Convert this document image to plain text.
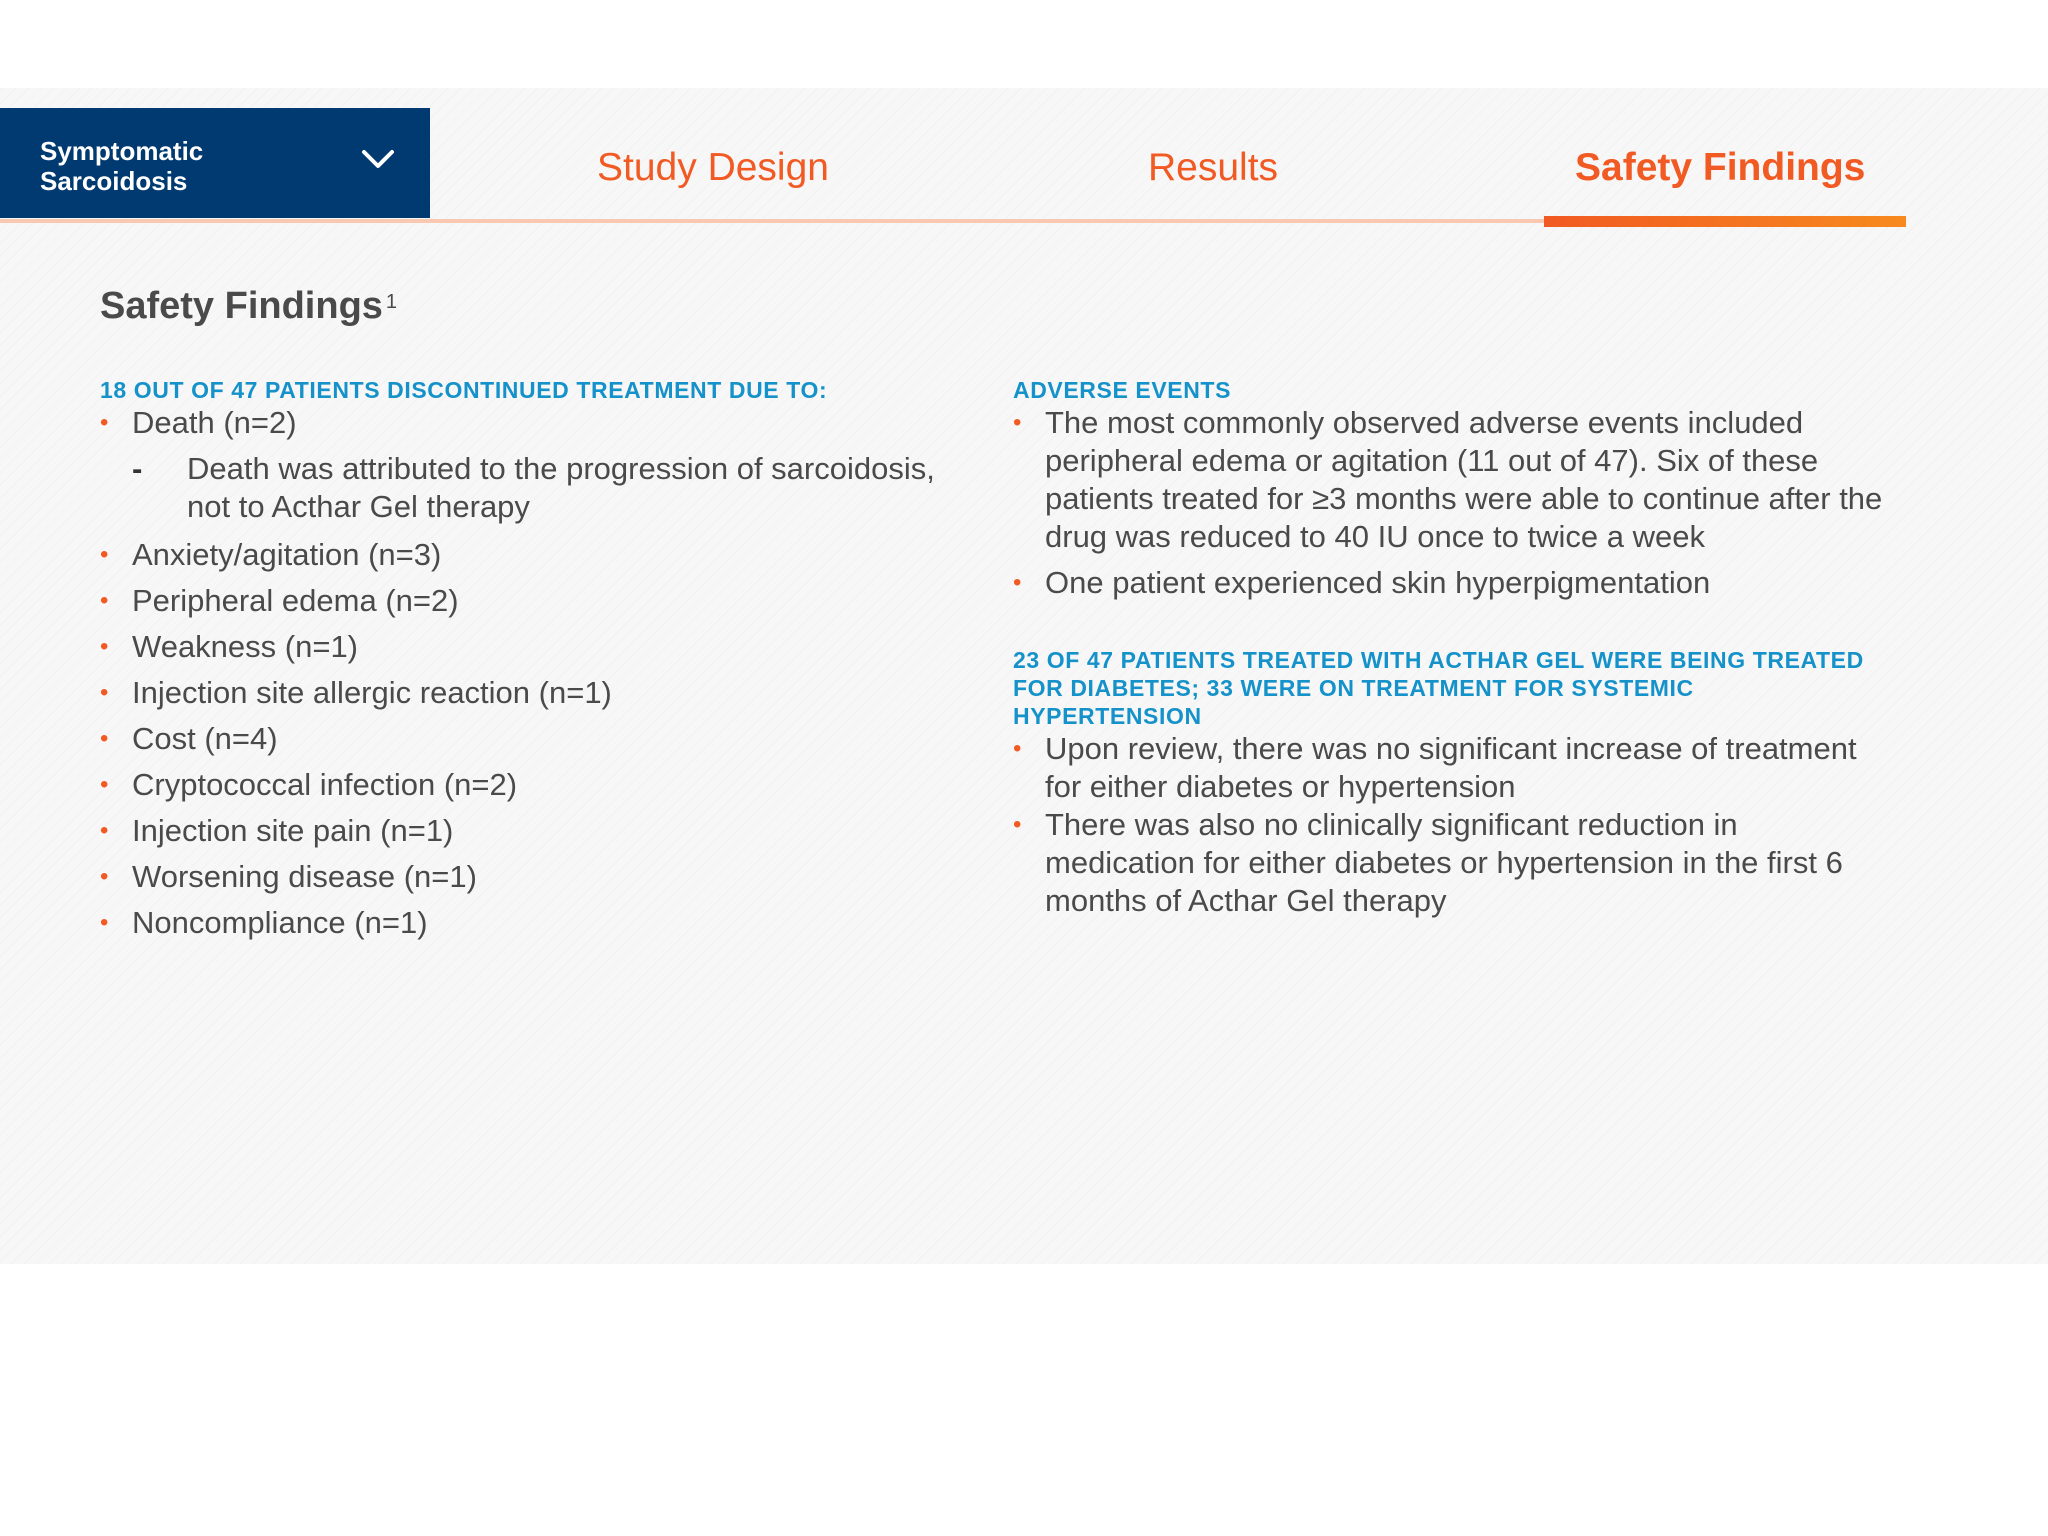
Symptomatic Sarcoidosis	Study Design	Results	Safety Findings
Safety Findings $^1$
18 OUT OF 47 PATIENTS DISCONTINUED TREATMENT DUE TO:
• Death (n=2)
- Death was attributed to the progression of sarcoidosis, not to Acthar Gel therapy
• Anxiety/agitation (n=3)
• Peripheral edema (n=2)
• Weakness (n=1)
• Injection site allergic reaction (n=1)
• Cost (n=4)
• Cryptococcal infection (n=2)
• Injection site pain (n=1)
• Worsening disease (n=1)
• Noncompliance (n=1)
ADVERSE EVENTS
• The most commonly observed adverse events included peripheral edema or agitation (11 out of 47). Six of these patients treated for ≥3 months were able to continue after the drug was reduced to 40 IU once to twice a week
• One patient experienced skin hyperpigmentation
23 OF 47 PATIENTS TREATED WITH ACTHAR GEL WERE BEING TREATED FOR DIABETES; 33 WERE ON TREATMENT FOR SYSTEMIC HYPERTENSION
• Upon review, there was no significant increase of treatment for either diabetes or hypertension
• There was also no clinically significant reduction in medication for either diabetes or hypertension in the first 6 months of Acthar Gel therapy
